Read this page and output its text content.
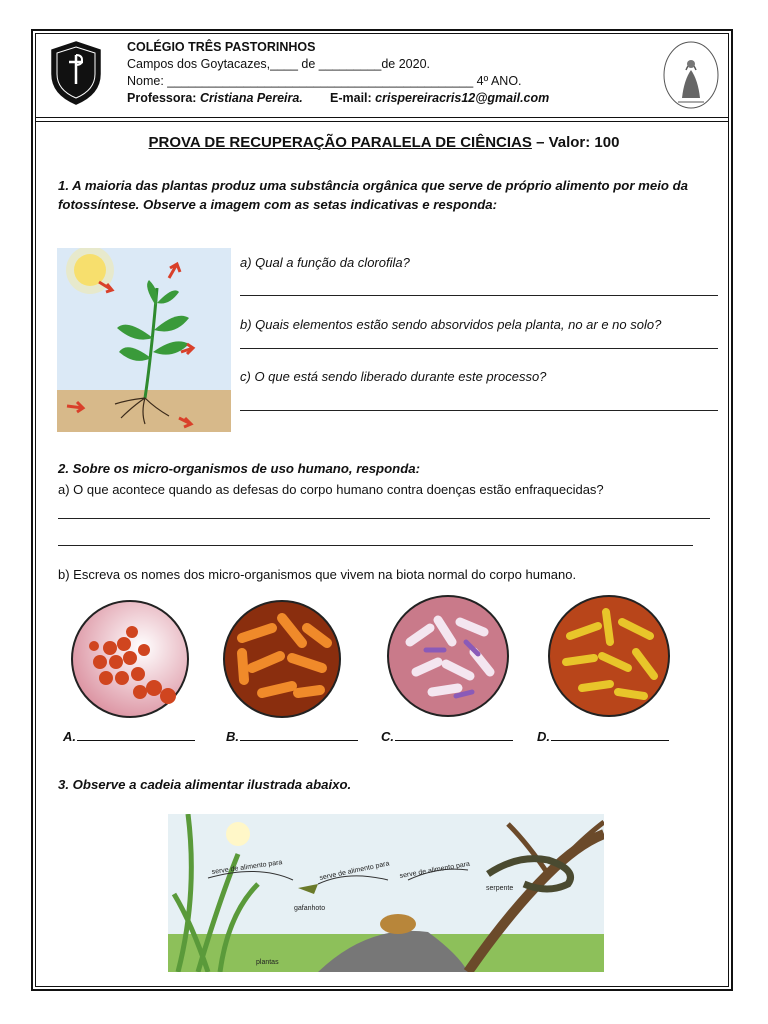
COLÉGIO TRÊS PASTORINHOS
Campos dos Goytacazes,____ de _________de 2020.
Nome: ____________________________________________ 4º ANO.
Professora: Cristiana Pereira. E-mail: crispereiracris12@gmail.com
PROVA DE RECUPERAÇÃO PARALELA DE CIÊNCIAS – Valor: 100
1. A maioria das plantas produz uma substância orgânica que serve de próprio alimento por meio da fotossíntese. Observe a imagem com as setas indicativas e responda:
a) Qual a função da clorofila?
b) Quais elementos estão sendo absorvidos pela planta, no ar e no solo?
c) O que está sendo liberado durante este processo?
2. Sobre os micro-organismos de uso humano, responda:
a) O que acontece quando as defesas do corpo humano contra doenças estão enfraquecidas?
b) Escreva os nomes dos micro-organismos que vivem na biota normal do corpo humano.
A.	B.	C.	D.
3. Observe a cadeia alimentar ilustrada abaixo.
serve de alimento para	serve de alimento para serve de alimento para
plantas
gafanhoto
serpente
